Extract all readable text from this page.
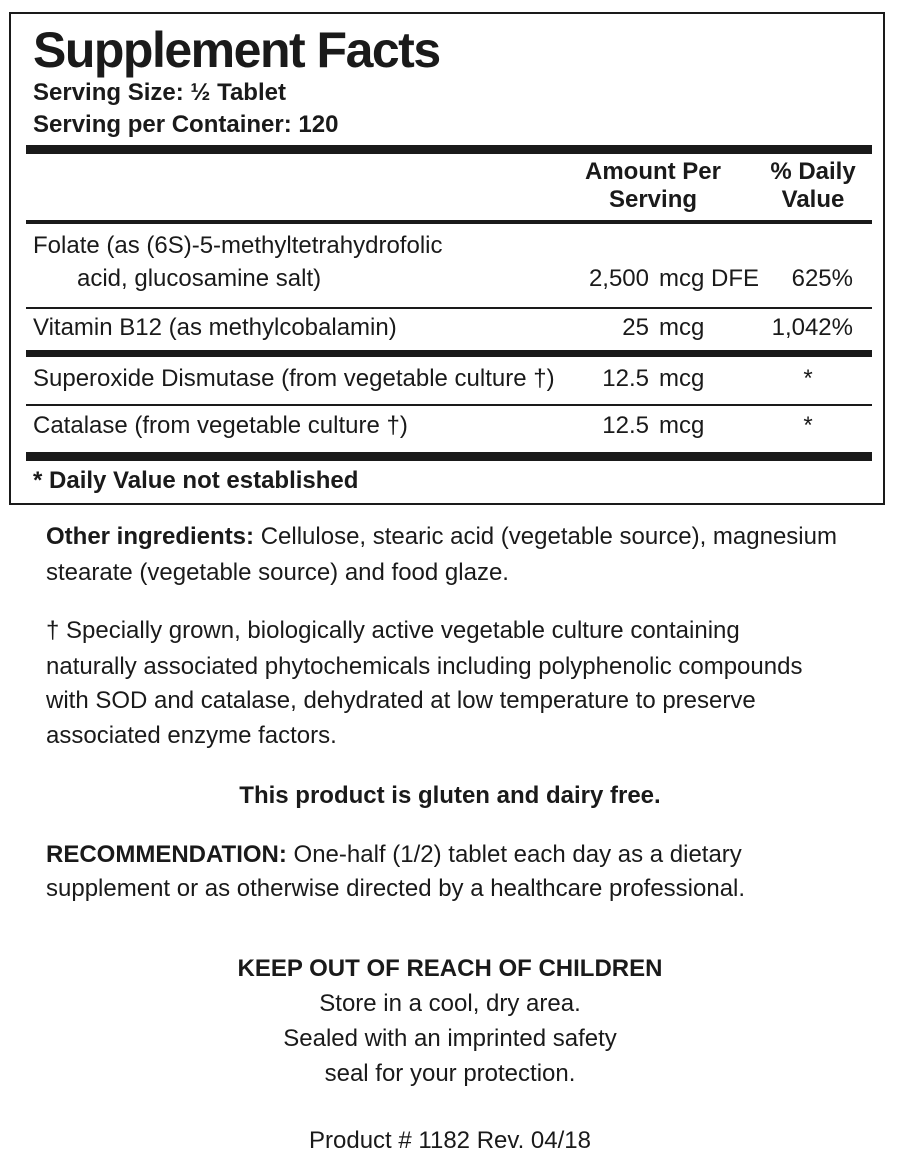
Supplement Facts
Serving Size: ½ Tablet
Serving per Container: 120
Amount Per
Serving
% Daily
Value
Folate (as (6S)-5-methyltetrahydrofolic
acid, glucosamine salt)	2,500 mcg DFE	625%
Vitamin B12 (as methylcobalamin)	25 mcg	1,042%
Superoxide Dismutase (from vegetable culture †)	12.5 mcg	*
Catalase (from vegetable culture †)	12.5 mcg	*
* Daily Value not established
Other ingredients: Cellulose, stearic acid (vegetable source), magnesium
stearate (vegetable source) and food glaze.
† Specially grown, biologically active vegetable culture containing
naturally associated phytochemicals including polyphenolic compounds
with SOD and catalase, dehydrated at low temperature to preserve
associated enzyme factors.
This product is gluten and dairy free.
RECOMMENDATION: One-half (1/2) tablet each day as a dietary
supplement or as otherwise directed by a healthcare professional.
KEEP OUT OF REACH OF CHILDREN
Store in a cool, dry area.
Sealed with an imprinted safety
seal for your protection.
Product # 1182 Rev. 04/18
